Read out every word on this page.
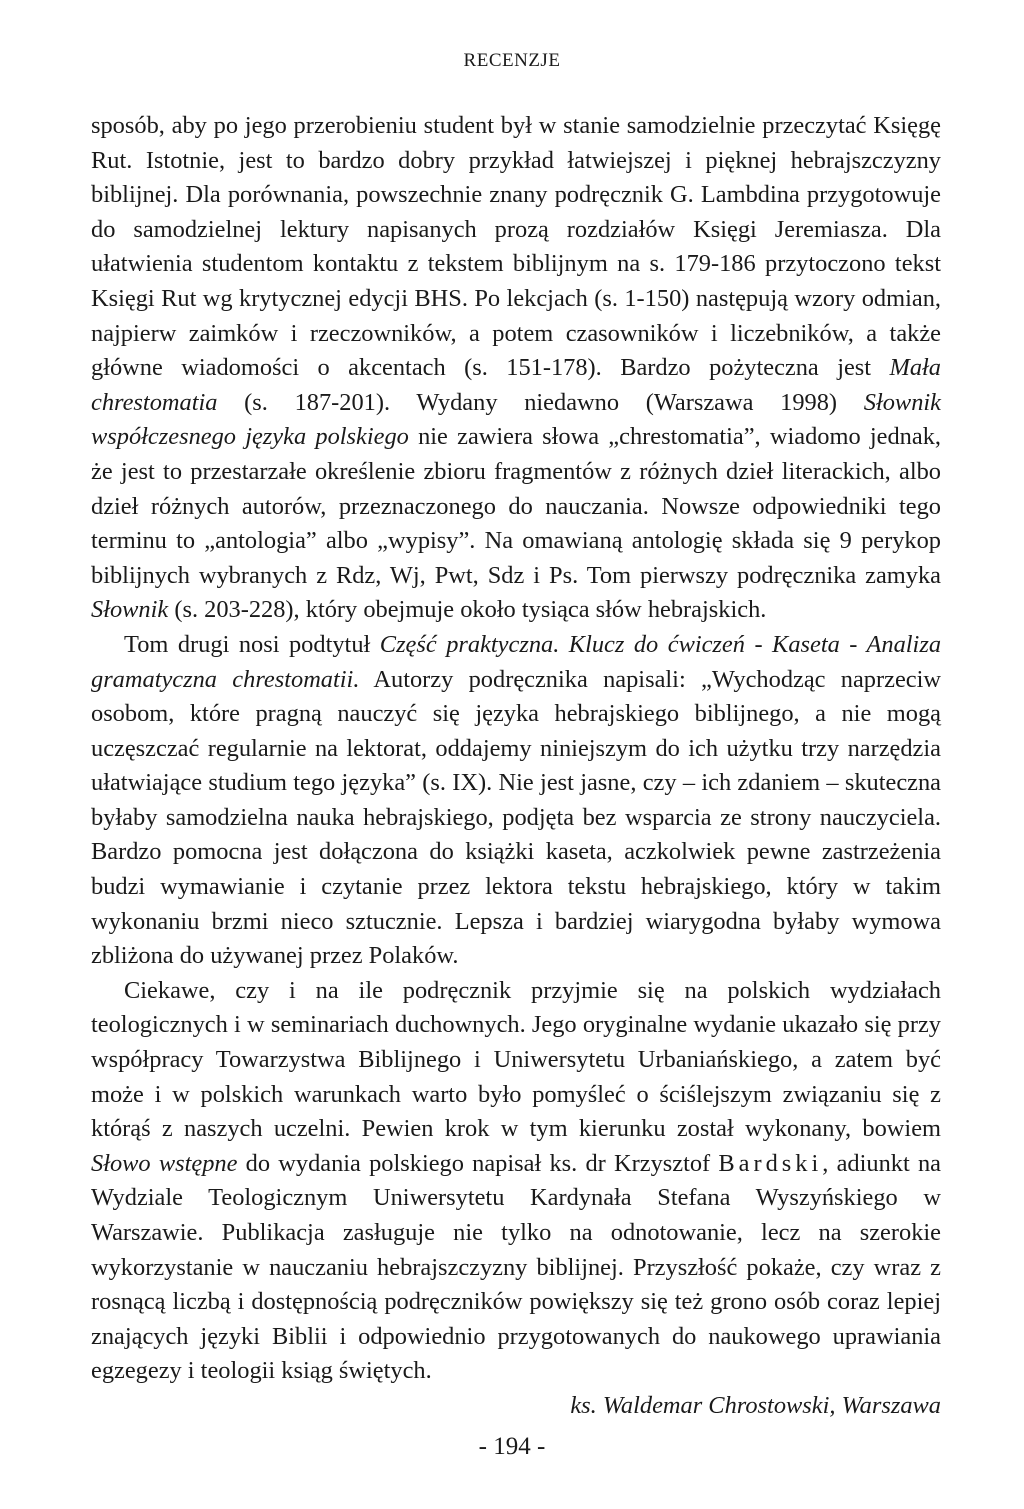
RECENZJE

sposób, aby po jego przerobieniu student był w stanie samodzielnie przeczytać Księgę Rut. Istotnie, jest to bardzo dobry przykład łatwiejszej i pięknej hebrajszczyzny biblijnej. Dla porównania, powszechnie znany podręcznik G. Lambdina przygotowuje do samodzielnej lektury napisanych prozą rozdziałów Księgi Jeremiasza. Dla ułatwienia studentom kontaktu z tekstem biblijnym na s. 179-186 przytoczono tekst Księgi Rut wg krytycznej edycji BHS. Po lekcjach (s. 1-150) następują wzory odmian, najpierw zaimków i rzeczowników, a potem czasowników i liczebników, a także główne wiadomości o akcentach (s. 151-178). Bardzo pożyteczna jest Mała chrestomatia (s. 187-201). Wydany niedawno (Warszawa 1998) Słownik współczesnego języka polskiego nie zawiera słowa „chrestomatia”, wiadomo jednak, że jest to przestarzałe określenie zbioru fragmentów z różnych dzieł literackich, albo dzieł różnych autorów, przeznaczonego do nauczania. Nowsze odpowiedniki tego terminu to „antologia” albo „wypisy”. Na omawianą antologię składa się 9 perykop biblijnych wybranych z Rdz, Wj, Pwt, Sdz i Ps. Tom pierwszy podręcznika zamyka Słownik (s. 203-228), który obejmuje około tysiąca słów hebrajskich.

Tom drugi nosi podtytuł Część praktyczna. Klucz do ćwiczeń - Kaseta - Analiza gramatyczna chrestomatii. Autorzy podręcznika napisali: „Wychodząc naprzeciw osobom, które pragną nauczyć się języka hebrajskiego biblijnego, a nie mogą uczęszczać regularnie na lektorat, oddajemy niniejszym do ich użytku trzy narzędzia ułatwiające studium tego języka” (s. IX). Nie jest jasne, czy – ich zdaniem – skuteczna byłaby samodzielna nauka hebrajskiego, podjęta bez wsparcia ze strony nauczyciela. Bardzo pomocna jest dołączona do książki kaseta, aczkolwiek pewne zastrzeżenia budzi wymawianie i czytanie przez lektora tekstu hebrajskiego, który w takim wykonaniu brzmi nieco sztucznie. Lepsza i bardziej wiarygodna byłaby wymowa zbliżona do używanej przez Polaków.

Ciekawe, czy i na ile podręcznik przyjmie się na polskich wydziałach teologicznych i w seminariach duchownych. Jego oryginalne wydanie ukazało się przy współpracy Towarzystwa Biblijnego i Uniwersytetu Urbaniańskiego, a zatem być może i w polskich warunkach warto było pomyśleć o ściślejszym związaniu się z którąś z naszych uczelni. Pewien krok w tym kierunku został wykonany, bowiem Słowo wstępne do wydania polskiego napisał ks. dr Krzysztof Bardski, adiunkt na Wydziale Teologicznym Uniwersytetu Kardynała Stefana Wyszyńskiego w Warszawie. Publikacja zasługuje nie tylko na odnotowanie, lecz na szerokie wykorzystanie w nauczaniu hebrajszczyzny biblijnej. Przyszłość pokaże, czy wraz z rosnącą liczbą i dostępnością podręczników powiększy się też grono osób coraz lepiej znających języki Biblii i odpowiednio przygotowanych do naukowego uprawiania egzegezy i teologii ksiąg świętych.

ks. Waldemar Chrostowski, Warszawa

- 194 -
